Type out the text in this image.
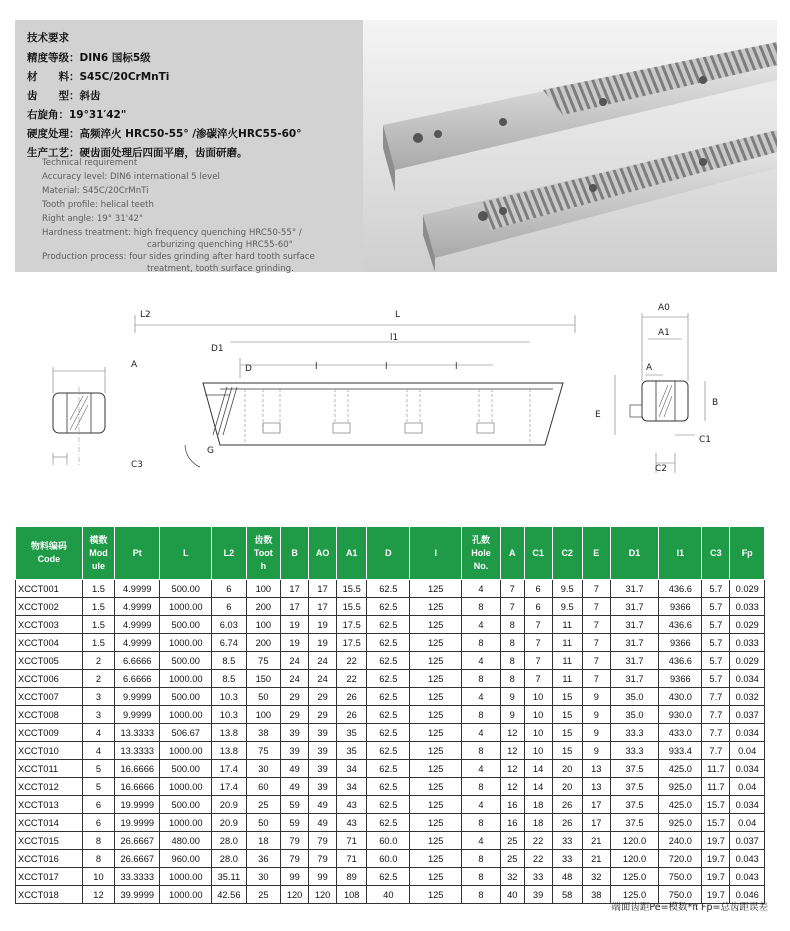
技术要求
精度等级：DIN6 国标5级
材　　料：S45C/20CrMnTi
齿　　型：斜齿
右旋角：19°31′42"
硬度处理：高频淬火 HRC50-55° /渗碳淬火HRC55-60°
生产工艺：硬齿面处理后四面平磨，齿面研磨。
Technical requirement
Accuracy level: DIN6 international 5 level
Material: S45C/20CrMnTi
Tooth profile: helical teeth
Right angle: 19° 31'42"
Hardness treatment: high frequency quenching HRC50-55° /
carburizing quenching HRC55-60°
Production process: four sides grinding after hard tooth surface
treatment, tooth surface grinding.
A
C3
L2	L
l1
D1
D	l	l	l
G
A0
A1
A
B
E
C1
C2
物料编码
Code	模数
Mod
ule	Pt	L	L2	齿数
Toot
h	B	AO	A1	D	l	孔数
Hole
No.	A	C1	C2	E	D1	l1	C3	Fp
XCCT001	1.5	4.9999	500.00	6	100	17	17	15.5	62.5	125	4	7	6	9.5	7	31.7	436.6	5.7	0.029
XCCT002	1.5	4.9999	1000.00	6	200	17	17	15.5	62.5	125	8	7	6	9.5	7	31.7	9366	5.7	0.033
XCCT003	1.5	4.9999	500.00	6.03	100	19	19	17.5	62.5	125	4	8	7	11	7	31.7	436.6	5.7	0.029
XCCT004	1.5	4.9999	1000.00	6.74	200	19	19	17.5	62.5	125	8	8	7	11	7	31.7	9366	5.7	0.033
XCCT005	2	6.6666	500.00	8.5	75	24	24	22	62.5	125	4	8	7	11	7	31.7	436.6	5.7	0.029
XCCT006	2	6.6666	1000.00	8.5	150	24	24	22	62.5	125	8	8	7	11	7	31.7	9366	5.7	0.034
XCCT007	3	9.9999	500.00	10.3	50	29	29	26	62.5	125	4	9	10	15	9	35.0	430.0	7.7	0.032
XCCT008	3	9.9999	1000.00	10.3	100	29	29	26	62.5	125	8	9	10	15	9	35.0	930.0	7.7	0.037
XCCT009	4	13.3333	506.67	13.8	38	39	39	35	62.5	125	4	12	10	15	9	33.3	433.0	7.7	0.034
XCCT010	4	13.3333	1000.00	13.8	75	39	39	35	62.5	125	8	12	10	15	9	33.3	933.4	7.7	0.04
XCCT011	5	16.6666	500.00	17.4	30	49	39	34	62.5	125	4	12	14	20	13	37.5	425.0	11.7	0.034
XCCT012	5	16.6666	1000.00	17.4	60	49	39	34	62.5	125	8	12	14	20	13	37.5	925.0	11.7	0.04
XCCT013	6	19.9999	500.00	20.9	25	59	49	43	62.5	125	4	16	18	26	17	37.5	425.0	15.7	0.034
XCCT014	6	19.9999	1000.00	20.9	50	59	49	43	62.5	125	8	16	18	26	17	37.5	925.0	15.7	0.04
XCCT015	8	26.6667	480.00	28.0	18	79	79	71	60.0	125	4	25	22	33	21	120.0	240.0	19.7	0.037
XCCT016	8	26.6667	960.00	28.0	36	79	79	71	60.0	125	8	25	22	33	21	120.0	720.0	19.7	0.043
XCCT017	10	33.3333	1000.00	35.11	30	99	99	89	62.5	125	8	32	33	48	32	125.0	750.0	19.7	0.043
XCCT018	12	39.9999	1000.00	42.56	25	120	120	108	40	125	8	40	39	58	38	125.0	750.0	19.7	0.046
端面齿距Pe=模数*π Fp=总齿距误差
